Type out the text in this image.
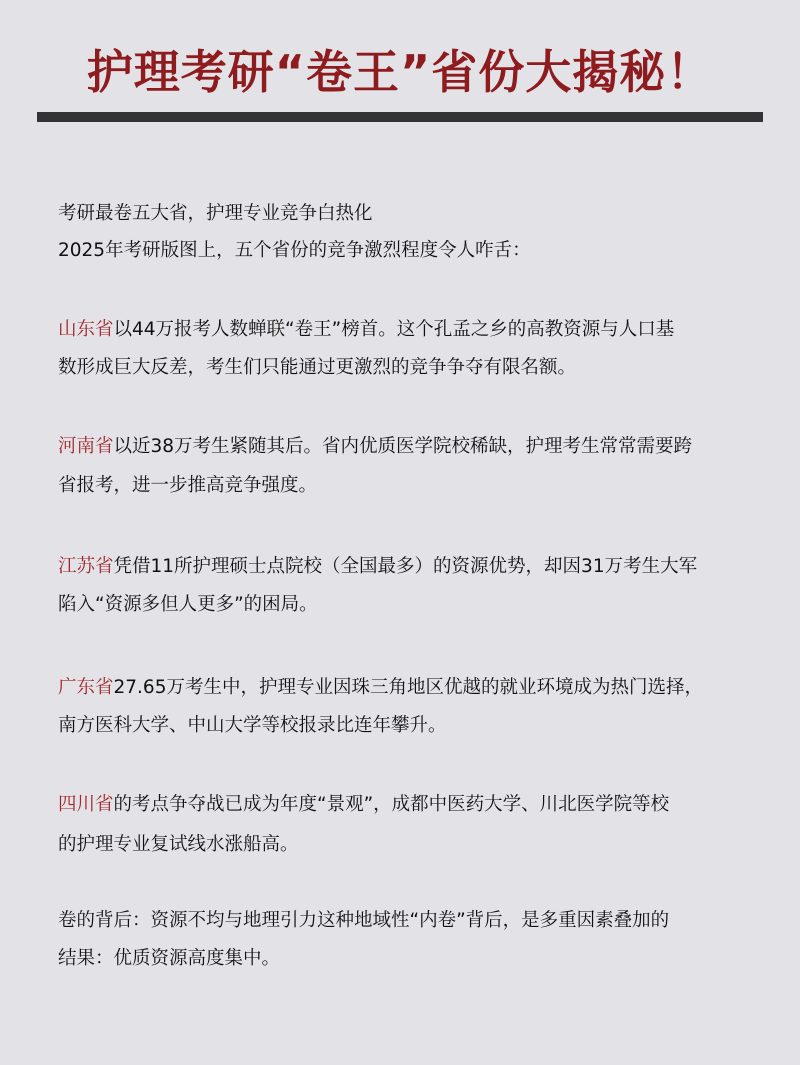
护理考研“卷王”省份大揭秘！
考研最卷五大省，护理专业竞争白热化
2025年考研版图上，五个省份的竞争激烈程度令人咋舌：
山东省以44万报考人数蝉联“卷王”榜首。这个孔孟之乡的高教资源与人口基
数形成巨大反差，考生们只能通过更激烈的竞争争夺有限名额。
河南省以近38万考生紧随其后。省内优质医学院校稀缺，护理考生常常需要跨
省报考，进一步推高竞争强度。
江苏省凭借11所护理硕士点院校（全国最多）的资源优势，却因31万考生大军
陷入“资源多但人更多”的困局。
广东省27.65万考生中，护理专业因珠三角地区优越的就业环境成为热门选择，
南方医科大学、中山大学等校报录比连年攀升。
四川省的考点争夺战已成为年度“景观”，成都中医药大学、川北医学院等校
的护理专业复试线水涨船高。
卷的背后：资源不均与地理引力这种地域性“内卷”背后，是多重因素叠加的
结果：优质资源高度集中。
